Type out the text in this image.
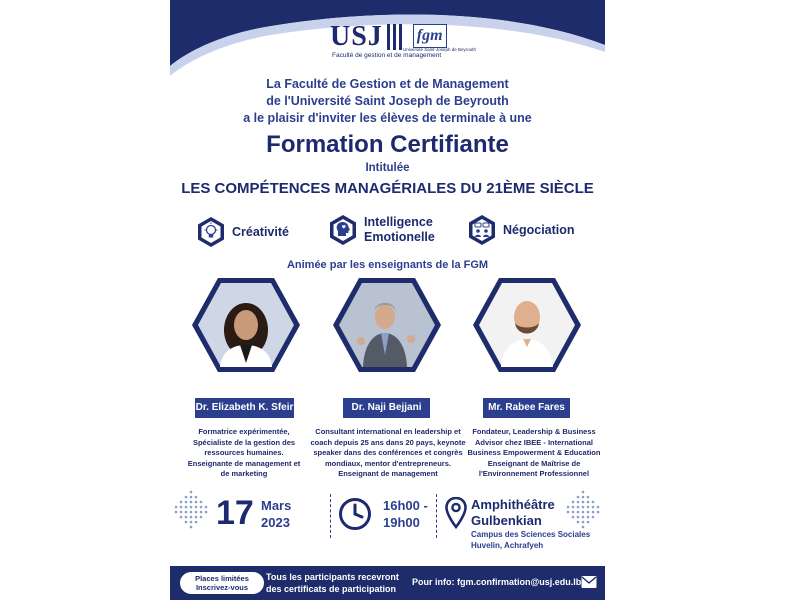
USJ fgm
Université Saint-Joseph de Beyrouth
Faculté de gestion et de management
La Faculté de Gestion et de Management
de l'Université Saint Joseph de Beyrouth
a le plaisir d'inviter les élèves de terminale à une
Formation Certifiante
Intitulée
LES COMPÉTENCES MANAGÉRIALES DU 21ÈME SIÈCLE
Créativité
Intelligence
Emotionelle
Négociation
Animée par les enseignants de la FGM
Dr. Elizabeth K. Sfeir	Dr. Naji Bejjani	Mr. Rabee Fares
Formatrice expérimentée,
Spécialiste de la gestion des
ressources humaines.
Enseignante de management et
de marketing
Consultant international en leadership et
coach depuis 25 ans dans 20 pays, keynote
speaker dans des conférences et congrès
mondiaux, mentor d'entrepreneurs.
Enseignant de management
Fondateur, Leadership & Business
Advisor chez IBEE - International
Business Empowerment & Education
Enseignant de Maîtrise de
l'Environnement Professionnel
17 Mars
2023
16h00 -
19h00
Amphithéâtre
Gulbenkian
Campus des Sciences Sociales
Huvelin, Achrafyeh
Places limitées
Inscrivez-vous
Tous les participants recevront
des certificats de participation
Pour info: fgm.confirmation@usj.edu.lb
